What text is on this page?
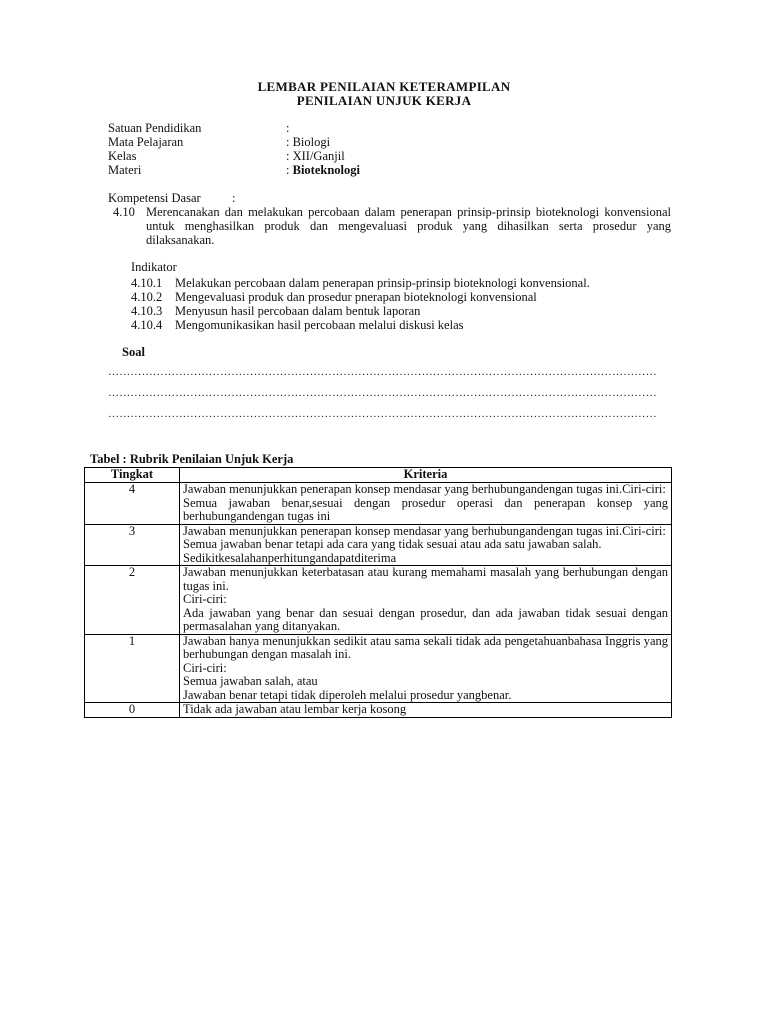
LEMBAR PENILAIAN KETERAMPILAN
PENILAIAN UNJUK KERJA
Satuan Pendidikan	:
Mata Pelajaran	: Biologi
Kelas	: XII/Ganjil
Materi	: Bioteknologi
Kompetensi Dasar	:
4.10 Merencanakan dan melakukan percobaan dalam penerapan prinsip-prinsip bioteknologi konvensional untuk menghasilkan produk dan mengevaluasi produk yang dihasilkan serta prosedur yang dilaksanakan.
Indikator
4.10.1 Melakukan percobaan dalam penerapan prinsip-prinsip bioteknologi konvensional.
4.10.2 Mengevaluasi produk dan prosedur pnerapan bioteknologi konvensional
4.10.3 Menyusun hasil percobaan dalam bentuk laporan
4.10.4 Mengomunikasikan hasil percobaan melalui diskusi kelas
Soal
…………………………………………………………………………………………………………………………………
…………………………………………………………………………………………………………………………………
…………………………………………………………………………………………………………………………………
Tabel : Rubrik Penilaian Unjuk Kerja
Tingkat	Kriteria
4	Jawaban menunjukkan penerapan konsep mendasar yang berhubungandengan tugas ini.Ciri-ciri:
Semua jawaban benar,sesuai dengan prosedur operasi dan penerapan konsep yang berhubungandengan tugas ini

3	Jawaban menunjukkan penerapan konsep mendasar yang berhubungandengan tugas ini.Ciri-ciri:
Semua jawaban benar tetapi ada cara yang tidak sesuai atau ada satu jawaban salah.
Sedikitkesalahanperhitungandapatditerima

2	Jawaban menunjukkan keterbatasan atau kurang memahami masalah yang berhubungan dengan tugas ini.
Ciri-ciri:
Ada jawaban yang benar dan sesuai dengan prosedur, dan ada jawaban tidak sesuai dengan permasalahan yang ditanyakan.

1	Jawaban hanya menunjukkan sedikit atau sama sekali tidak ada pengetahuanbahasa Inggris yang berhubungan dengan masalah ini.
Ciri-ciri:
Semua jawaban salah, atau
Jawaban benar tetapi tidak diperoleh melalui prosedur yangbenar.

0	Tidak ada jawaban atau lembar kerja kosong
